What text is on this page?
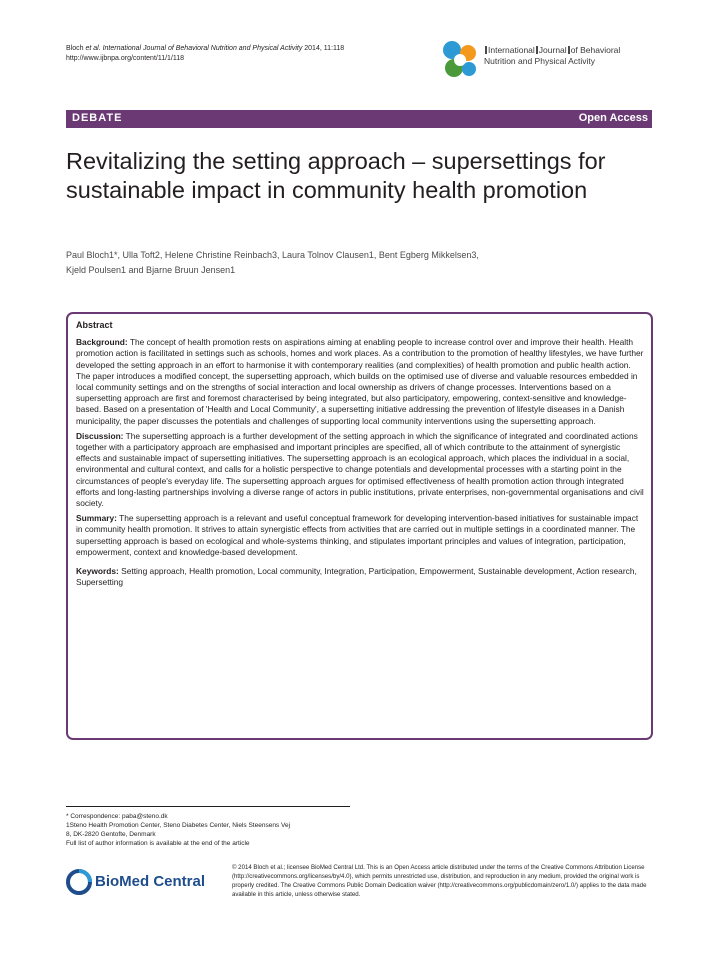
Bloch et al. International Journal of Behavioral Nutrition and Physical Activity 2014, 11:118
http://www.ijbnpa.org/content/11/1/118
International Journal of Behavioral
Nutrition and Physical Activity
DEBATE	Open Access
Revitalizing the setting approach – supersettings for sustainable impact in community health promotion
Paul Bloch1*, Ulla Toft2, Helene Christine Reinbach3, Laura Tolnov Clausen1, Bent Egberg Mikkelsen3,
Kjeld Poulsen1 and Bjarne Bruun Jensen1
Abstract

Background: The concept of health promotion rests on aspirations aiming at enabling people to increase control over and improve their health. Health promotion action is facilitated in settings such as schools, homes and work places. As a contribution to the promotion of healthy lifestyles, we have further developed the setting approach in an effort to harmonise it with contemporary realities (and complexities) of health promotion and public health action. The paper introduces a modified concept, the supersetting approach, which builds on the optimised use of diverse and valuable resources embedded in local community settings and on the strengths of social interaction and local ownership as drivers of change processes. Interventions based on a supersetting approach are first and foremost characterised by being integrated, but also participatory, empowering, context-sensitive and knowledge-based. Based on a presentation of 'Health and Local Community', a supersetting initiative addressing the prevention of lifestyle diseases in a Danish municipality, the paper discusses the potentials and challenges of supporting local community interventions using the supersetting approach.

Discussion: The supersetting approach is a further development of the setting approach in which the significance of integrated and coordinated actions together with a participatory approach are emphasised and important principles are specified, all of which contribute to the attainment of synergistic effects and sustainable impact of supersetting initiatives. The supersetting approach is an ecological approach, which places the individual in a social, environmental and cultural context, and calls for a holistic perspective to change potentials and developmental processes with a starting point in the circumstances of people's everyday life. The supersetting approach argues for optimised effectiveness of health promotion action through integrated efforts and long-lasting partnerships involving a diverse range of actors in public institutions, private enterprises, non-governmental organisations and civil society.

Summary: The supersetting approach is a relevant and useful conceptual framework for developing intervention-based initiatives for sustainable impact in community health promotion. It strives to attain synergistic effects from activities that are carried out in multiple settings in a coordinated manner. The supersetting approach is based on ecological and whole-systems thinking, and stipulates important principles and values of integration, participation, empowerment, context and knowledge-based development.

Keywords: Setting approach, Health promotion, Local community, Integration, Participation, Empowerment, Sustainable development, Action research, Supersetting

* Correspondence: paba@steno.dk
1Steno Health Promotion Center, Steno Diabetes Center, Niels Steensens Vej
8, DK-2820 Gentofte, Denmark
Full list of author information is available at the end of the article
BioMed Central
© 2014 Bloch et al.; licensee BioMed Central Ltd. This is an Open Access article distributed under the terms of the Creative Commons Attribution License (http://creativecommons.org/licenses/by/4.0), which permits unrestricted use, distribution, and reproduction in any medium, provided the original work is properly credited. The Creative Commons Public Domain Dedication waiver (http://creativecommons.org/publicdomain/zero/1.0/) applies to the data made available in this article, unless otherwise stated.
